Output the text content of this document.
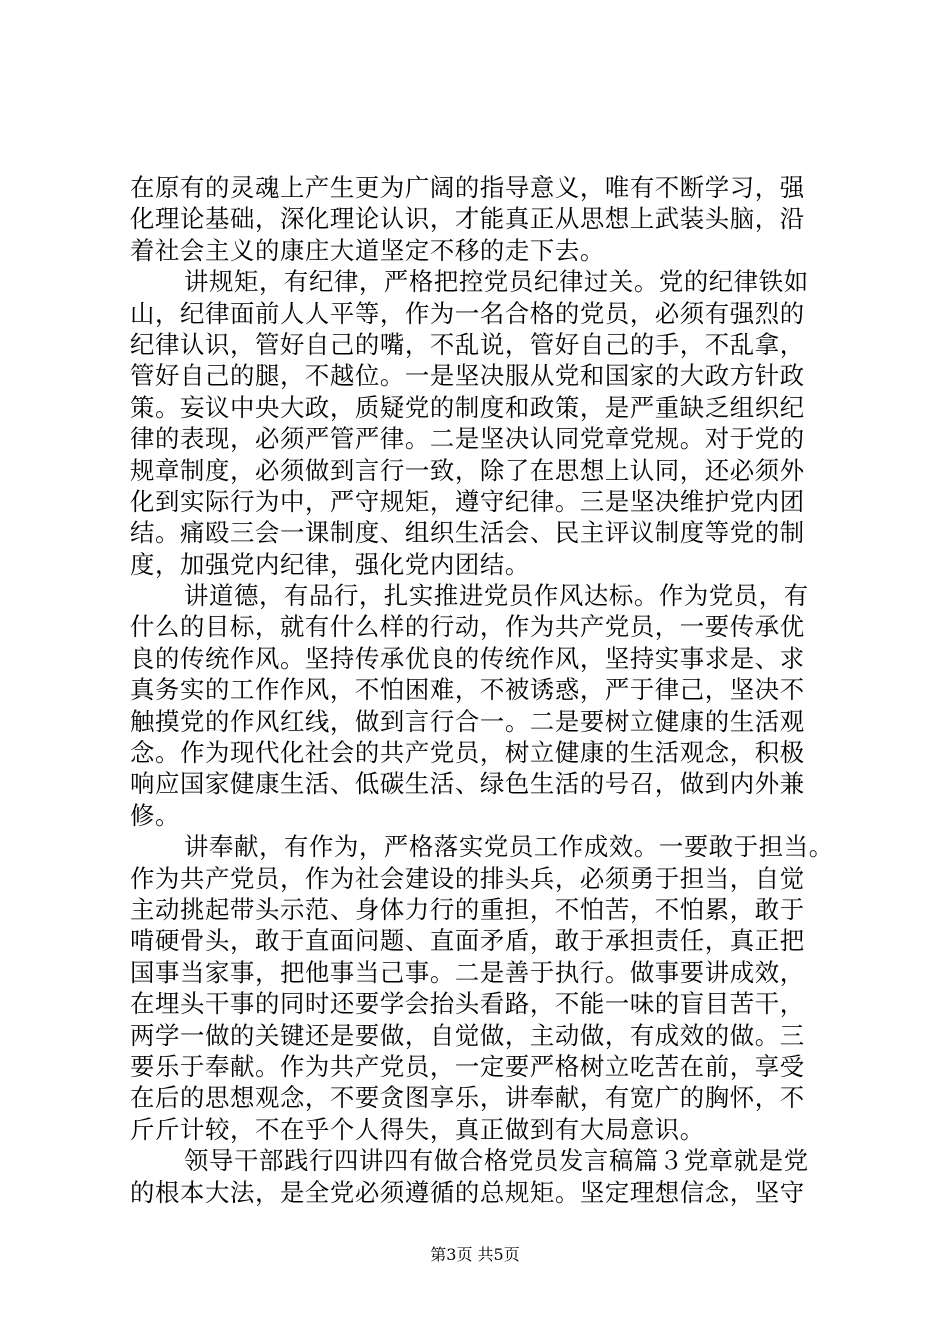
在原有的灵魂上产生更为广阔的指导意义，唯有不断学习，强
化理论基础，深化理论认识，才能真正从思想上武装头脑，沿
着社会主义的康庄大道坚定不移的走下去。
讲规矩，有纪律，严格把控党员纪律过关。党的纪律铁如
山，纪律面前人人平等，作为一名合格的党员，必须有强烈的
纪律认识，管好自己的嘴，不乱说，管好自己的手，不乱拿，
管好自己的腿，不越位。一是坚决服从党和国家的大政方针政
策。妄议中央大政，质疑党的制度和政策，是严重缺乏组织纪
律的表现，必须严管严律。二是坚决认同党章党规。对于党的
规章制度，必须做到言行一致，除了在思想上认同，还必须外
化到实际行为中，严守规矩，遵守纪律。三是坚决维护党内团
结。痛殴三会一课制度、组织生活会、民主评议制度等党的制
度，加强党内纪律，强化党内团结。
讲道德，有品行，扎实推进党员作风达标。作为党员，有
什么的目标，就有什么样的行动，作为共产党员，一要传承优
良的传统作风。坚持传承优良的传统作风，坚持实事求是、求
真务实的工作作风，不怕困难，不被诱惑，严于律己，坚决不
触摸党的作风红线，做到言行合一。二是要树立健康的生活观
念。作为现代化社会的共产党员，树立健康的生活观念，积极
响应国家健康生活、低碳生活、绿色生活的号召，做到内外兼
修。
讲奉献，有作为，严格落实党员工作成效。一要敢于担当。
作为共产党员，作为社会建设的排头兵，必须勇于担当，自觉
主动挑起带头示范、身体力行的重担，不怕苦，不怕累，敢于
啃硬骨头，敢于直面问题、直面矛盾，敢于承担责任，真正把
国事当家事，把他事当己事。二是善于执行。做事要讲成效，
在埋头干事的同时还要学会抬头看路，不能一味的盲目苦干，
两学一做的关键还是要做，自觉做，主动做，有成效的做。三
要乐于奉献。作为共产党员，一定要严格树立吃苦在前，享受
在后的思想观念，不要贪图享乐，讲奉献，有宽广的胸怀，不
斤斤计较，不在乎个人得失，真正做到有大局意识。
领导干部践行四讲四有做合格党员发言稿篇３党章就是党
的根本大法，是全党必须遵循的总规矩。坚定理想信念，坚守
第3页 共5页
